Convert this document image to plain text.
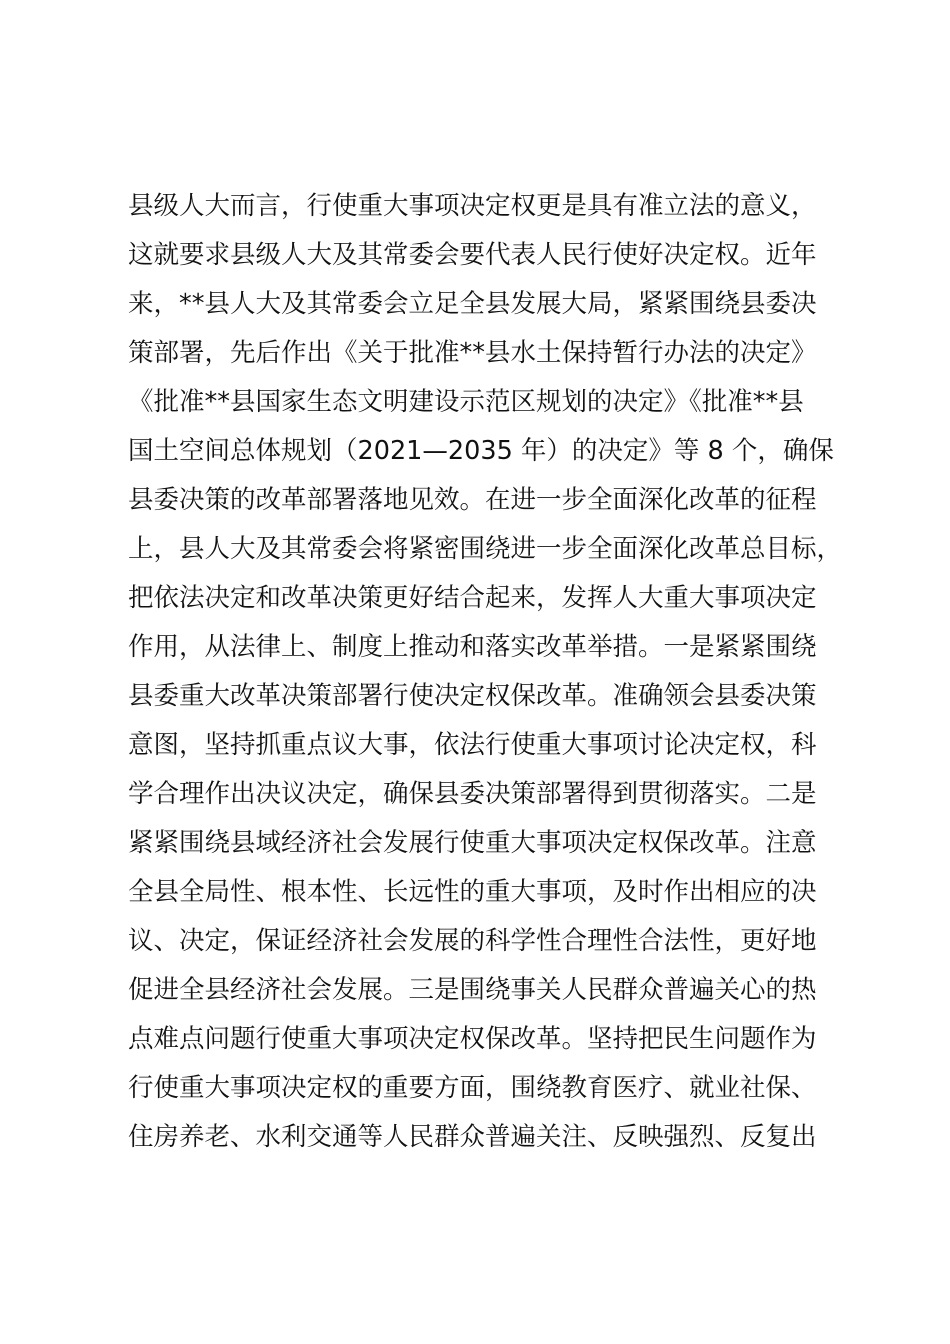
县级人大而言，行使重大事项决定权更是具有准立法的意义，
这就要求县级人大及其常委会要代表人民行使好决定权。近年
来，**县人大及其常委会立足全县发展大局，紧紧围绕县委决
策部署，先后作出《关于批准**县水土保持暂行办法的决定》
《批准**县国家生态文明建设示范区规划的决定》《批准**县
国土空间总体规划（2021—2035 年）的决定》等 8 个，确保
县委决策的改革部署落地见效。在进一步全面深化改革的征程
上，县人大及其常委会将紧密围绕进一步全面深化改革总目标，
把依法决定和改革决策更好结合起来，发挥人大重大事项决定
作用，从法律上、制度上推动和落实改革举措。一是紧紧围绕
县委重大改革决策部署行使决定权保改革。准确领会县委决策
意图，坚持抓重点议大事，依法行使重大事项讨论决定权，科
学合理作出决议决定，确保县委决策部署得到贯彻落实。二是
紧紧围绕县域经济社会发展行使重大事项决定权保改革。注意
全县全局性、根本性、长远性的重大事项，及时作出相应的决
议、决定，保证经济社会发展的科学性合理性合法性，更好地
促进全县经济社会发展。三是围绕事关人民群众普遍关心的热
点难点问题行使重大事项决定权保改革。坚持把民生问题作为
行使重大事项决定权的重要方面，围绕教育医疗、就业社保、
住房养老、水利交通等人民群众普遍关注、反映强烈、反复出
